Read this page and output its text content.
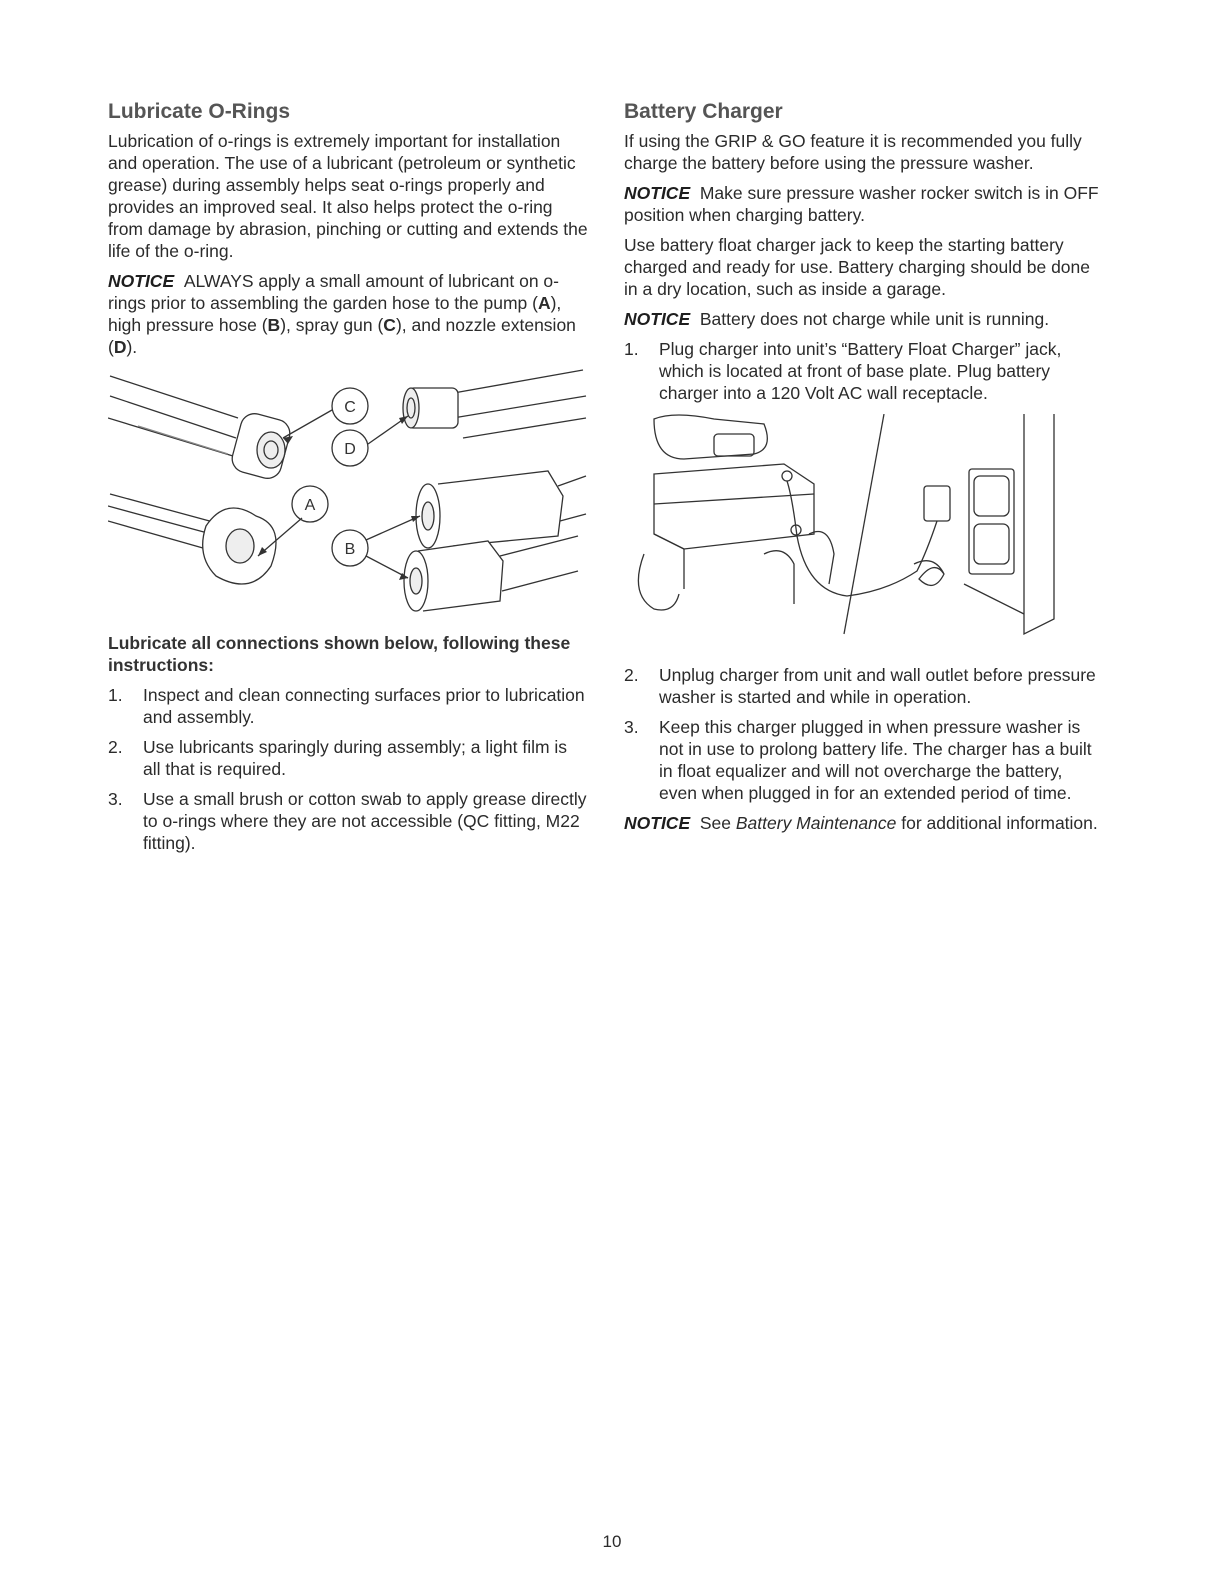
Lubricate O-Rings

Lubrication of o-rings is extremely important for installation and operation. The use of a lubricant (petroleum or synthetic grease) during assembly helps seat o-rings properly and provides an improved seal. It also helps protect the o-ring from damage by abrasion, pinching or cutting and extends the life of the o-ring.

NOTICE ALWAYS apply a small amount of lubricant on o-rings prior to assembling the garden hose to the pump (A), high pressure hose (B), spray gun (C), and nozzle extension (D).

C
D
A
B
Lubricate all connections shown below, following these instructions:
1. Inspect and clean connecting surfaces prior to lubrication and assembly.
2. Use lubricants sparingly during assembly; a light film is all that is required.
3. Use a small brush or cotton swab to apply grease directly to o-rings where they are not accessible (QC fitting, M22 fitting).
Battery Charger

If using the GRIP & GO feature it is recommended you fully charge the battery before using the pressure washer.

NOTICE Make sure pressure washer rocker switch is in OFF position when charging battery.

Use battery float charger jack to keep the starting battery charged and ready for use. Battery charging should be done in a dry location, such as inside a garage.

NOTICE Battery does not charge while unit is running.

1. Plug charger into unit’s “Battery Float Charger” jack, which is located at front of base plate. Plug battery charger into a 120 Volt AC wall receptacle.
2. Unplug charger from unit and wall outlet before pressure washer is started and while in operation.
3. Keep this charger plugged in when pressure washer is not in use to prolong battery life. The charger has a built in float equalizer and will not overcharge the battery, even when plugged in for an extended period of time.

NOTICE See Battery Maintenance for additional information.

10
